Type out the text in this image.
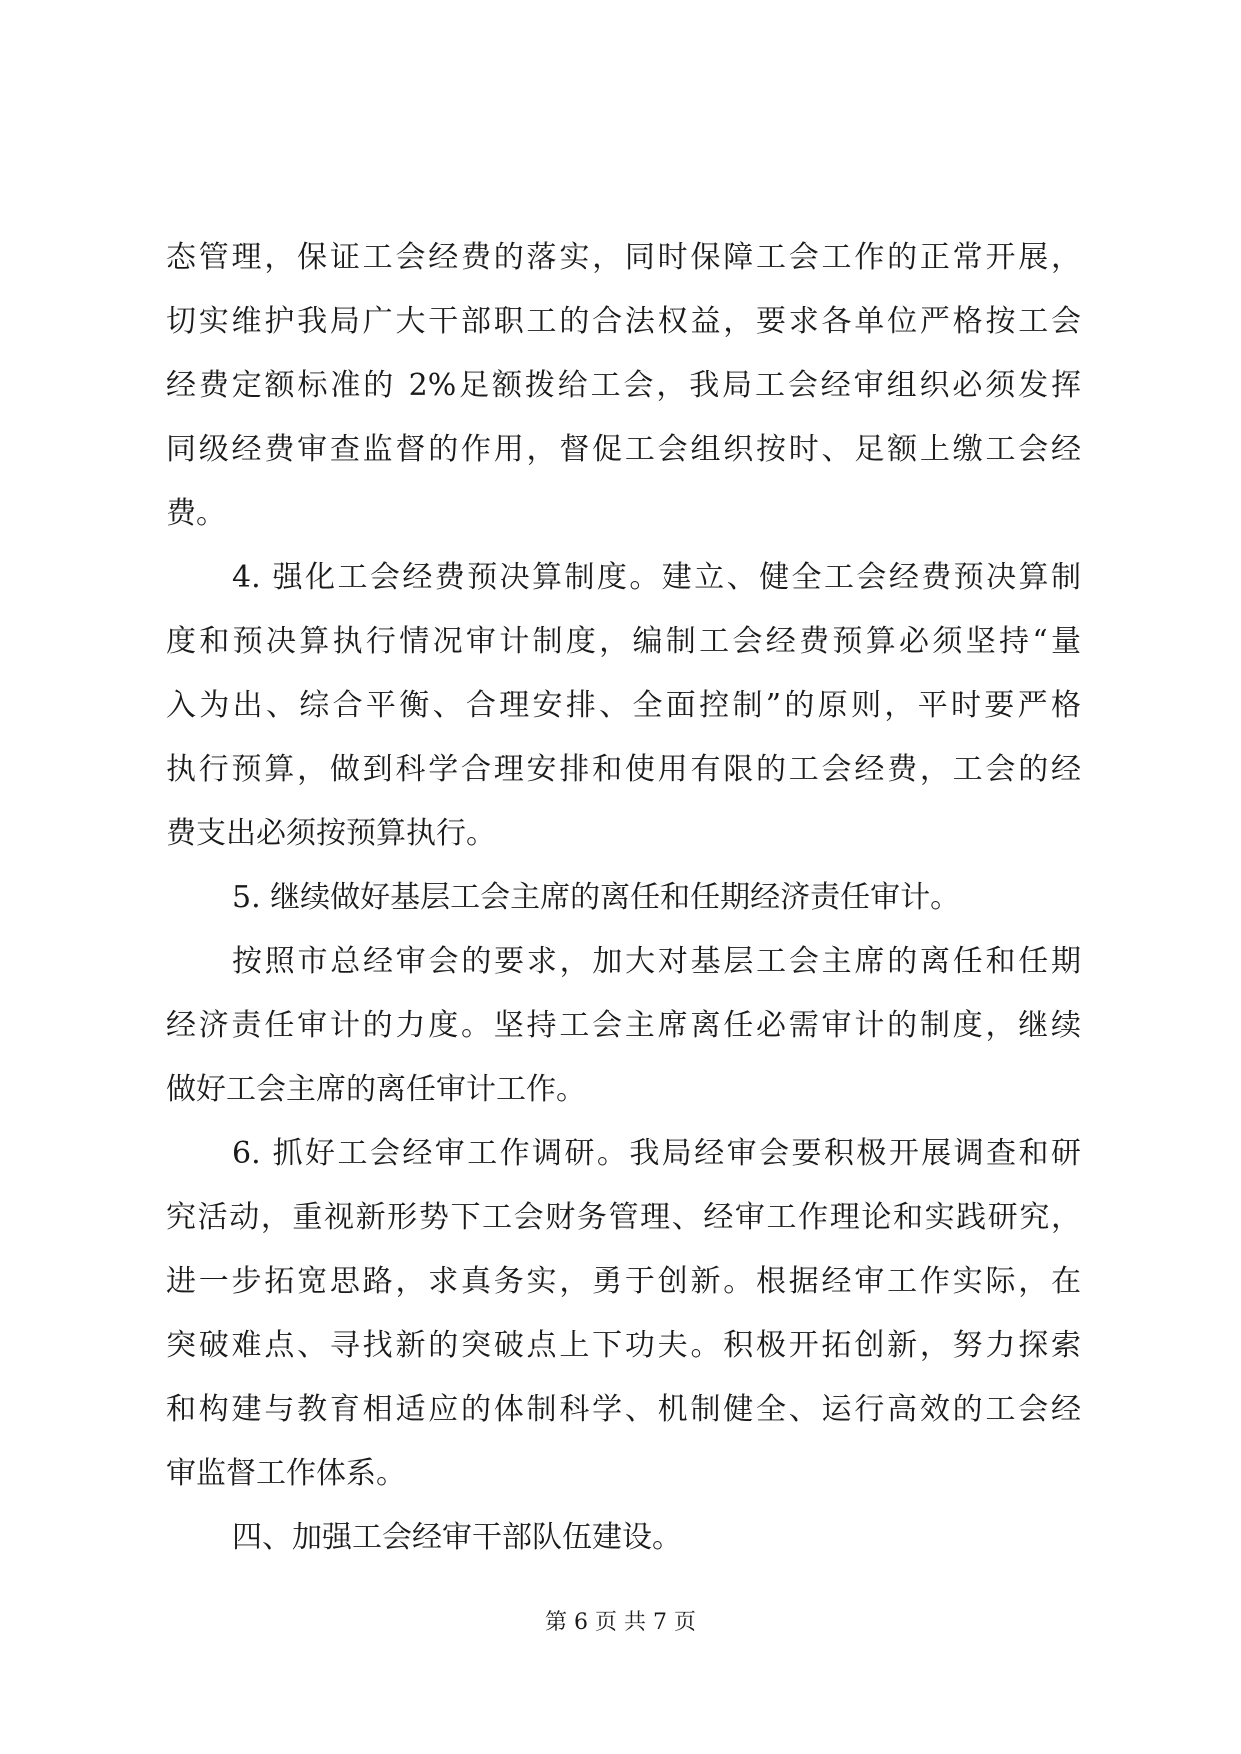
态管理，保证工会经费的落实，同时保障工会工作的正常开展，
切实维护我局广大干部职工的合法权益，要求各单位严格按工会
经费定额标准的 2%足额拨给工会，我局工会经审组织必须发挥
同级经费审查监督的作用，督促工会组织按时、足额上缴工会经
费。
4. 强化工会经费预决算制度。建立、健全工会经费预决算制
度和预决算执行情况审计制度，编制工会经费预算必须坚持“量
入为出、综合平衡、合理安排、全面控制”的原则，平时要严格
执行预算，做到科学合理安排和使用有限的工会经费，工会的经
费支出必须按预算执行。
5. 继续做好基层工会主席的离任和任期经济责任审计。
按照市总经审会的要求，加大对基层工会主席的离任和任期
经济责任审计的力度。坚持工会主席离任必需审计的制度，继续
做好工会主席的离任审计工作。
6. 抓好工会经审工作调研。我局经审会要积极开展调查和研
究活动，重视新形势下工会财务管理、经审工作理论和实践研究，
进一步拓宽思路，求真务实，勇于创新。根据经审工作实际，在
突破难点、寻找新的突破点上下功夫。积极开拓创新，努力探索
和构建与教育相适应的体制科学、机制健全、运行高效的工会经
审监督工作体系。
四、加强工会经审干部队伍建设。
第 6 页 共 7 页
